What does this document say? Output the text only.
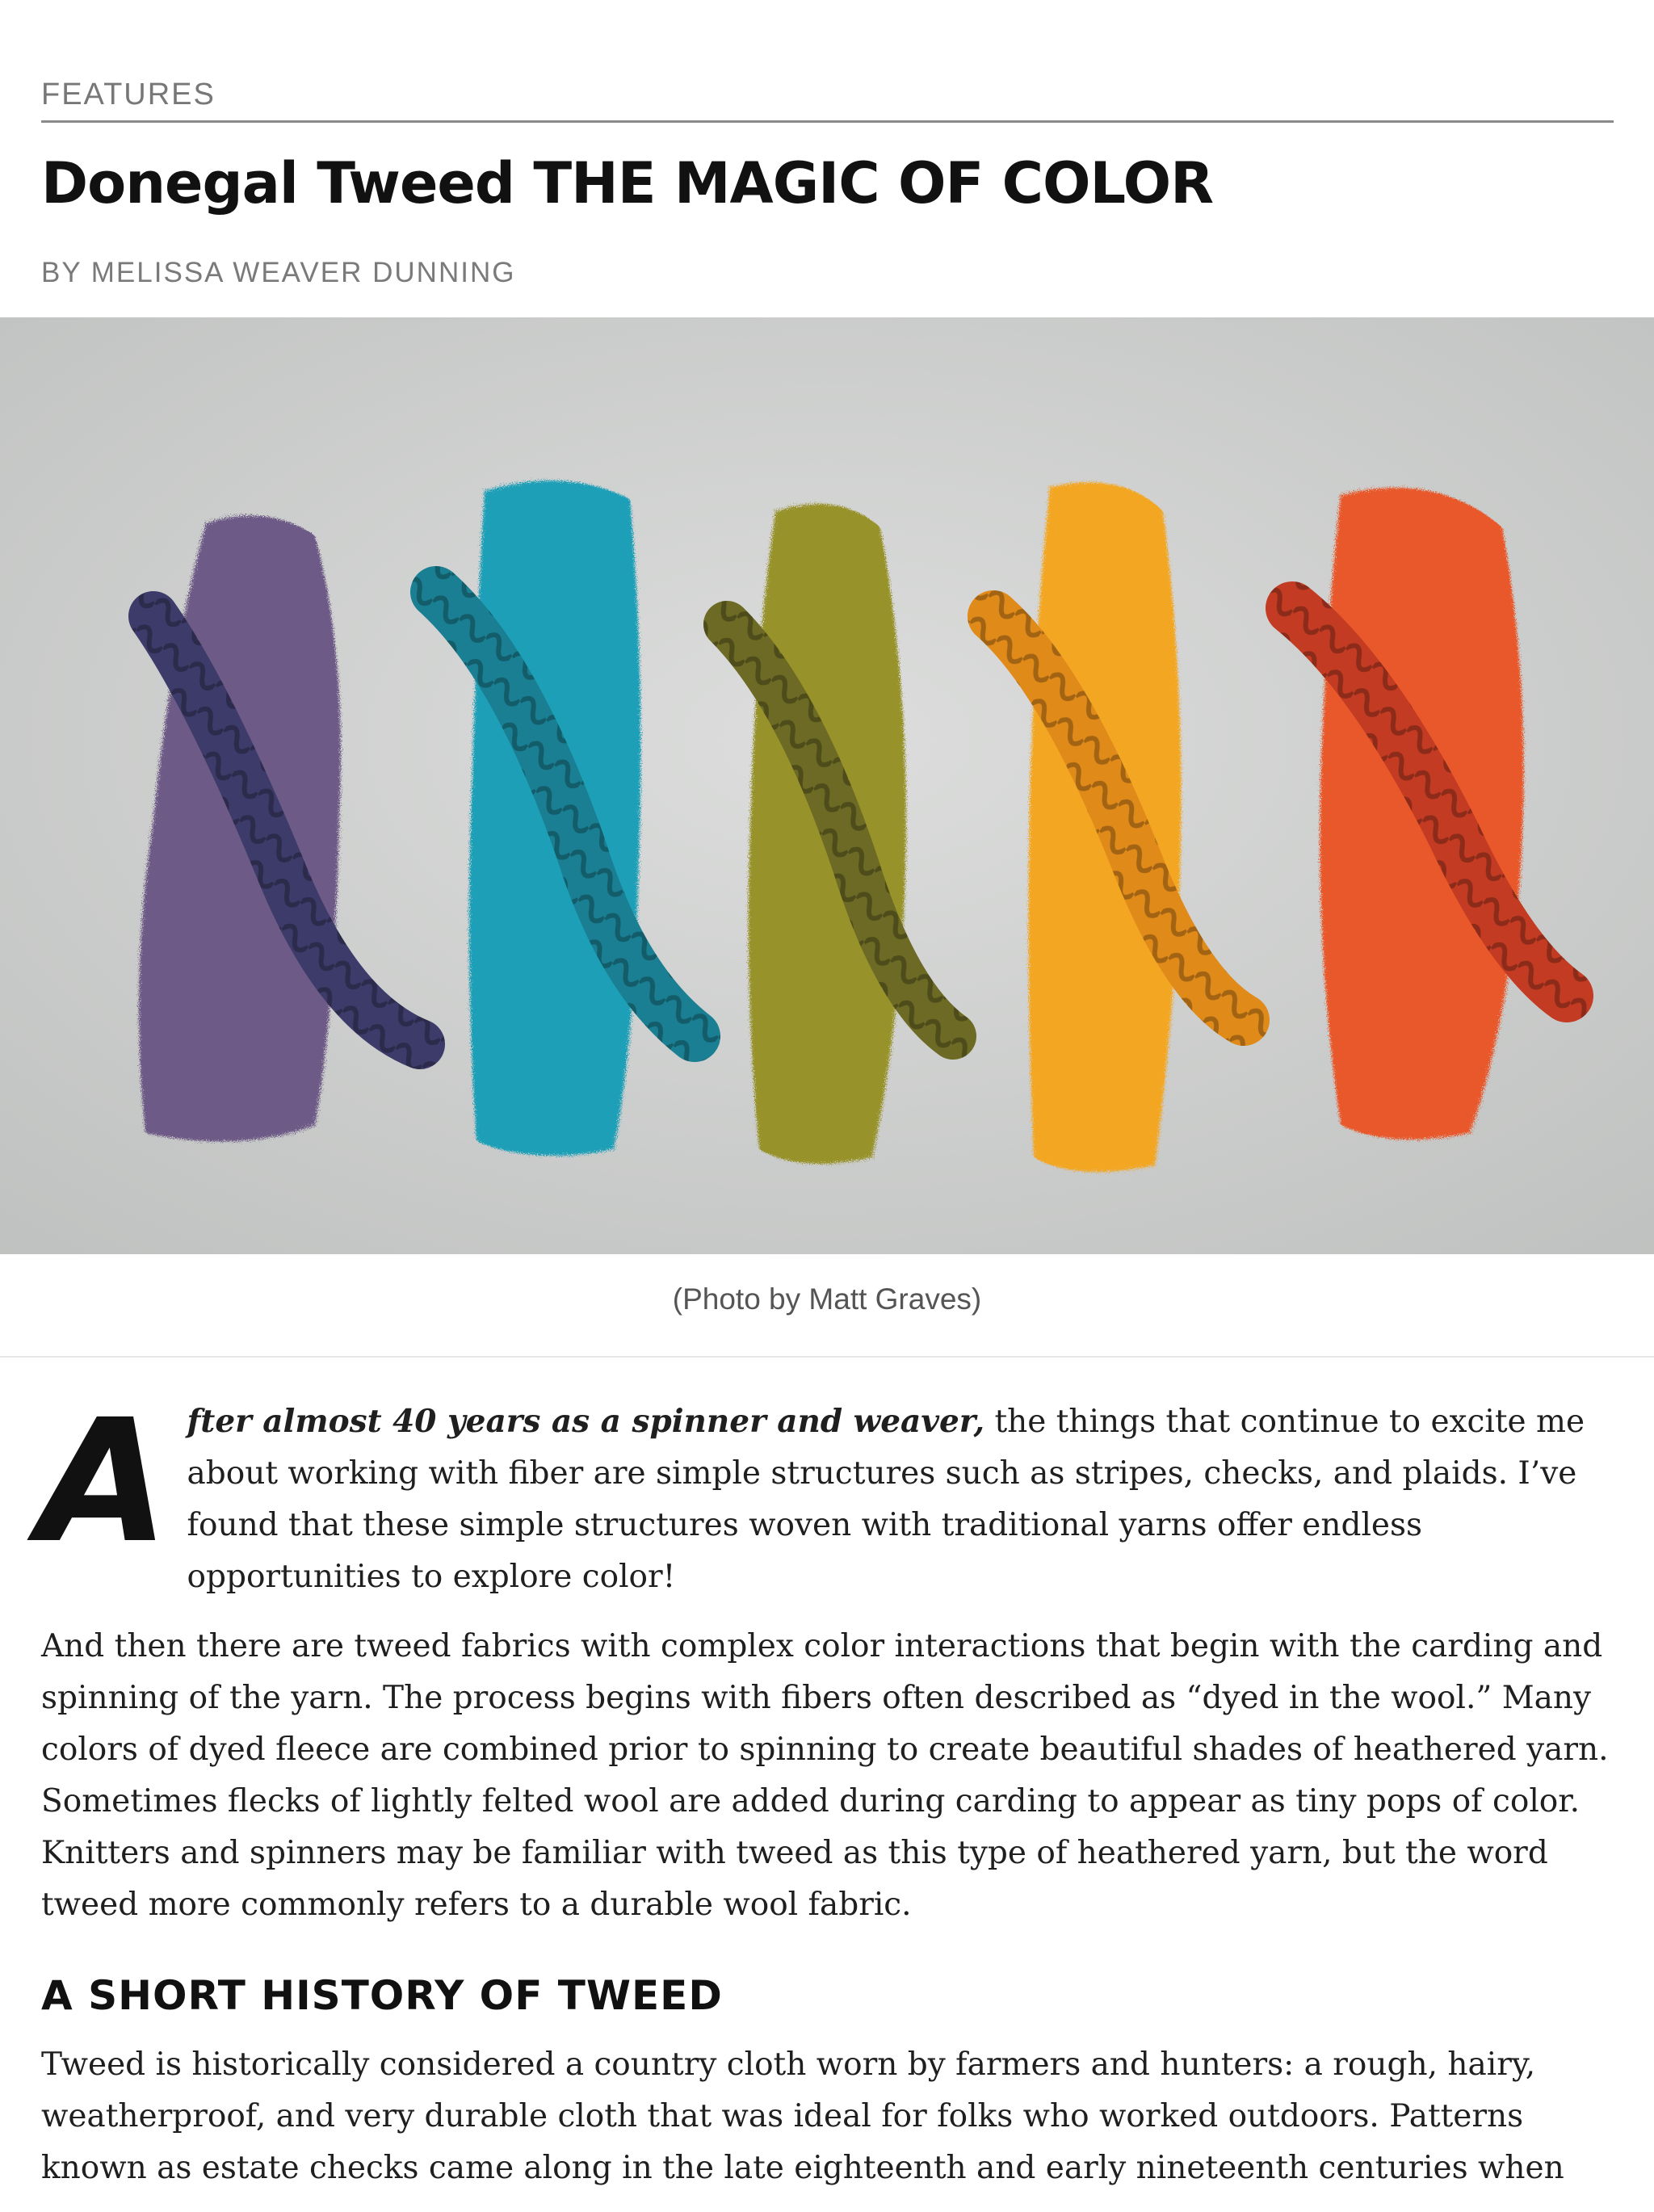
FEATURES
Donegal Tweed THE MAGIC OF COLOR
BY MELISSA WEAVER DUNNING
(Photo by Matt Graves)

After almost 40 years as a spinner and weaver, the things that continue to excite me about working with fiber are simple structures such as stripes, checks, and plaids. I’ve found that these simple structures woven with traditional yarns offer endless opportunities to explore color!

And then there are tweed fabrics with complex color interactions that begin with the carding and spinning of the yarn. The process begins with fibers often described as “dyed in the wool.” Many colors of dyed fleece are combined prior to spinning to create beautiful shades of heathered yarn. Sometimes flecks of lightly felted wool are added during carding to appear as tiny pops of color. Knitters and spinners may be familiar with tweed as this type of heathered yarn, but the word tweed more commonly refers to a durable wool fabric.

A SHORT HISTORY OF TWEED

Tweed is historically considered a country cloth worn by farmers and hunters: a rough, hairy, weatherproof, and very durable cloth that was ideal for folks who worked outdoors. Patterns known as estate checks came along in the late eighteenth and early nineteenth centuries when
